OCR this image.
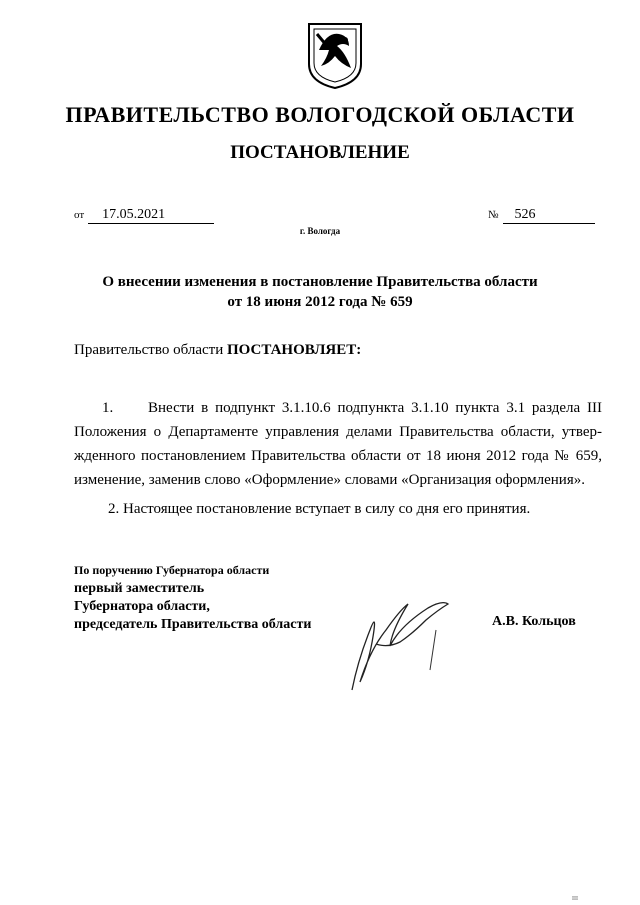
ПРАВИТЕЛЬСТВО ВОЛОГОДСКОЙ ОБЛАСТИ
ПОСТАНОВЛЕНИЕ
от 17.05.2021	№ 526
г. Вологда
О внесении изменения в постановление Правительства области
от 18 июня 2012 года № 659
Правительство области ПОСТАНОВЛЯЕТ:
1. Внести в подпункт 3.1.10.6 подпункта 3.1.10 пункта 3.1 раздела III Положения о Департаменте управления делами Правительства области, утвер-жденного постановлением Правительства области от 18 июня 2012 года № 659, изменение, заменив слово «Оформление» словами «Организация оформления».
2. Настоящее постановление вступает в силу со дня его принятия.
По поручению Губернатора области
первый заместитель
Губернатора области,
председатель Правительства области	А.В. Кольцов
III
